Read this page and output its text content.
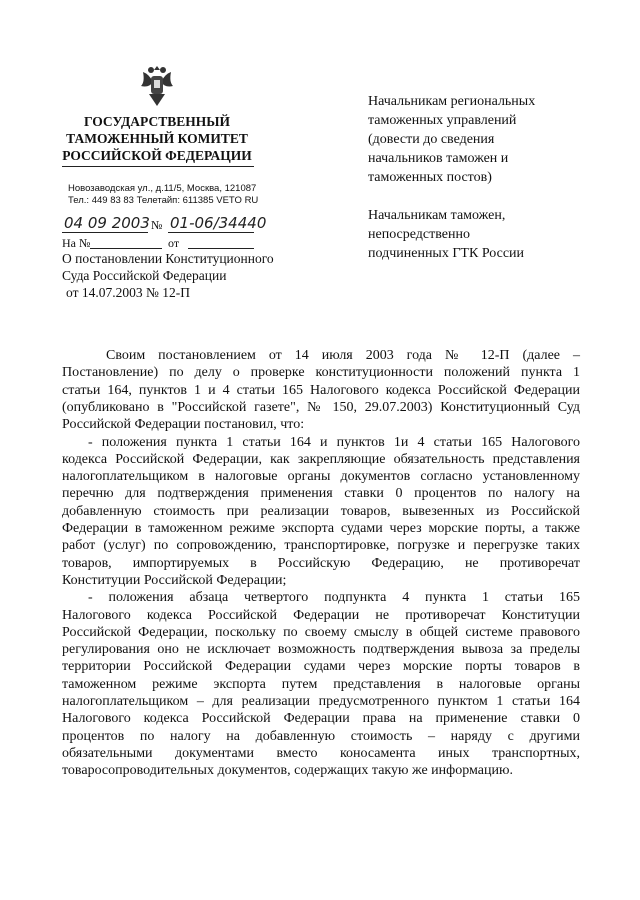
ГОСУДАРСТВЕННЫЙ
ТАМОЖЕННЫЙ КОМИТЕТ
РОССИЙСКОЙ ФЕДЕРАЦИИ
Новозаводская ул., д.11/5, Москва, 121087
Тел.: 449 83 83 Телетайп: 611385 VETO RU
04 09 2003 № 01-06/34440
На №	от
О постановлении Конституционного
Суда Российской Федерации
от 14.07.2003 № 12-П
Начальникам региональных
таможенных управлений
(довести до сведения
начальников таможен и
таможенных постов)
Начальникам таможен,
непосредственно
подчиненных ГТК России
Своим постановлением от 14 июля 2003 года № 12-П (далее –
Постановление) по делу о проверке конституционности положений пункта 1
статьи 164, пунктов 1 и 4 статьи 165 Налогового кодекса Российской Федерации
(опубликовано в "Российской газете", № 150, 29.07.2003) Конституционный Суд
Российской Федерации постановил, что:
- положения пункта 1 статьи 164 и пунктов 1и 4 статьи 165 Налогового
кодекса Российской Федерации, как закрепляющие обязательность представления
налогоплательщиком в налоговые органы документов согласно установленному
перечню для подтверждения применения ставки 0 процентов по налогу на
добавленную стоимость при реализации товаров, вывезенных из Российской
Федерации в таможенном режиме экспорта судами через морские порты, а также
работ (услуг) по сопровождению, транспортировке, погрузке и перегрузке таких
товаров, импортируемых в Российскую Федерацию, не противоречат
Конституции Российской Федерации;
- положения абзаца четвертого подпункта 4 пункта 1 статьи 165
Налогового кодекса Российской Федерации не противоречат Конституции
Российской Федерации, поскольку по своему смыслу в общей системе правового
регулирования оно не исключает возможность подтверждения вывоза за пределы
территории Российской Федерации судами через морские порты товаров в
таможенном режиме экспорта путем представления в налоговые органы
налогоплательщиком – для реализации предусмотренного пунктом 1 статьи 164
Налогового кодекса Российской Федерации права на применение ставки 0
процентов по налогу на добавленную стоимость – наряду с другими
обязательными документами вместо коносамента иных транспортных,
товаросопроводительных документов, содержащих такую же информацию.
